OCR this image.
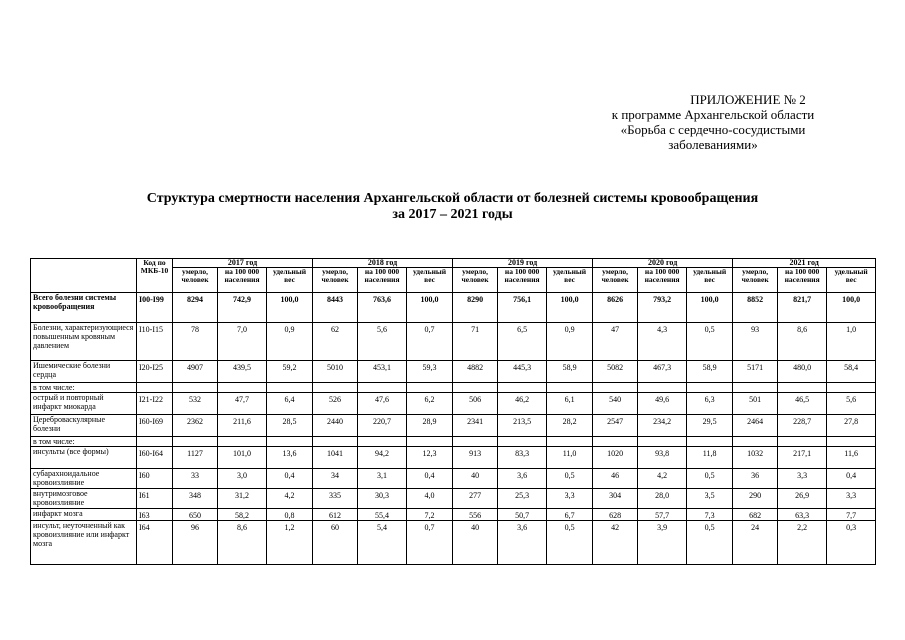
ПРИЛОЖЕНИЕ № 2
к программе Архангельской области
«Борьба с сердечно-сосудистыми
заболеваниями»
Структура смертности населения Архангельской области от болезней системы кровообращения
за 2017 – 2021 годы
	Код по МКБ-10	2017 год			2018 год			2019 год			2020 год			2021 год		
		умерло, человек	на 100 000 населения	удельный вес	умерло, человек	на 100 000 населения	удельный вес	умерло, человек	на 100 000 населения	удельный вес	умерло, человек	на 100 000 населения	удельный вес	умерло, человек	на 100 000 населения	удельный вес
Всего болезни системы кровообращения	I00-I99	8294	742,9	100,0	8443	763,6	100,0	8290	756,1	100,0	8626	793,2	100,0	8852	821,7	100,0
Болезни, характеризующиеся повышенным кровяным давлением	I10-I15	78	7,0	0,9	62	5,6	0,7	71	6,5	0,9	47	4,3	0,5	93	8,6	1,0
Ишемические болезни сердца	I20-I25	4907	439,5	59,2	5010	453,1	59,3	4882	445,3	58,9	5082	467,3	58,9	5171	480,0	58,4
в том числе:																
острый и повторный инфаркт миокарда	I21-I22	532	47,7	6,4	526	47,6	6,2	506	46,2	6,1	540	49,6	6,3	501	46,5	5,6
Цереброваскулярные болезни	I60-I69	2362	211,6	28,5	2440	220,7	28,9	2341	213,5	28,2	2547	234,2	29,5	2464	228,7	27,8
в том числе:																
инсульты (все формы)	I60-I64	1127	101,0	13,6	1041	94,2	12,3	913	83,3	11,0	1020	93,8	11,8	1032	217,1	11,6
субарахноидальное кровоизлияние	I60	33	3,0	0,4	34	3,1	0,4	40	3,6	0,5	46	4,2	0,5	36	3,3	0,4
внутримозговое кровоизлияние	I61	348	31,2	4,2	335	30,3	4,0	277	25,3	3,3	304	28,0	3,5	290	26,9	3,3
инфаркт мозга	I63	650	58,2	0,8	612	55,4	7,2	556	50,7	6,7	628	57,7	7,3	682	63,3	7,7
инсульт, неуточненный как кровоизлияние или инфаркт мозга	I64	96	8,6	1,2	60	5,4	0,7	40	3,6	0,5	42	3,9	0,5	24	2,2	0,3
